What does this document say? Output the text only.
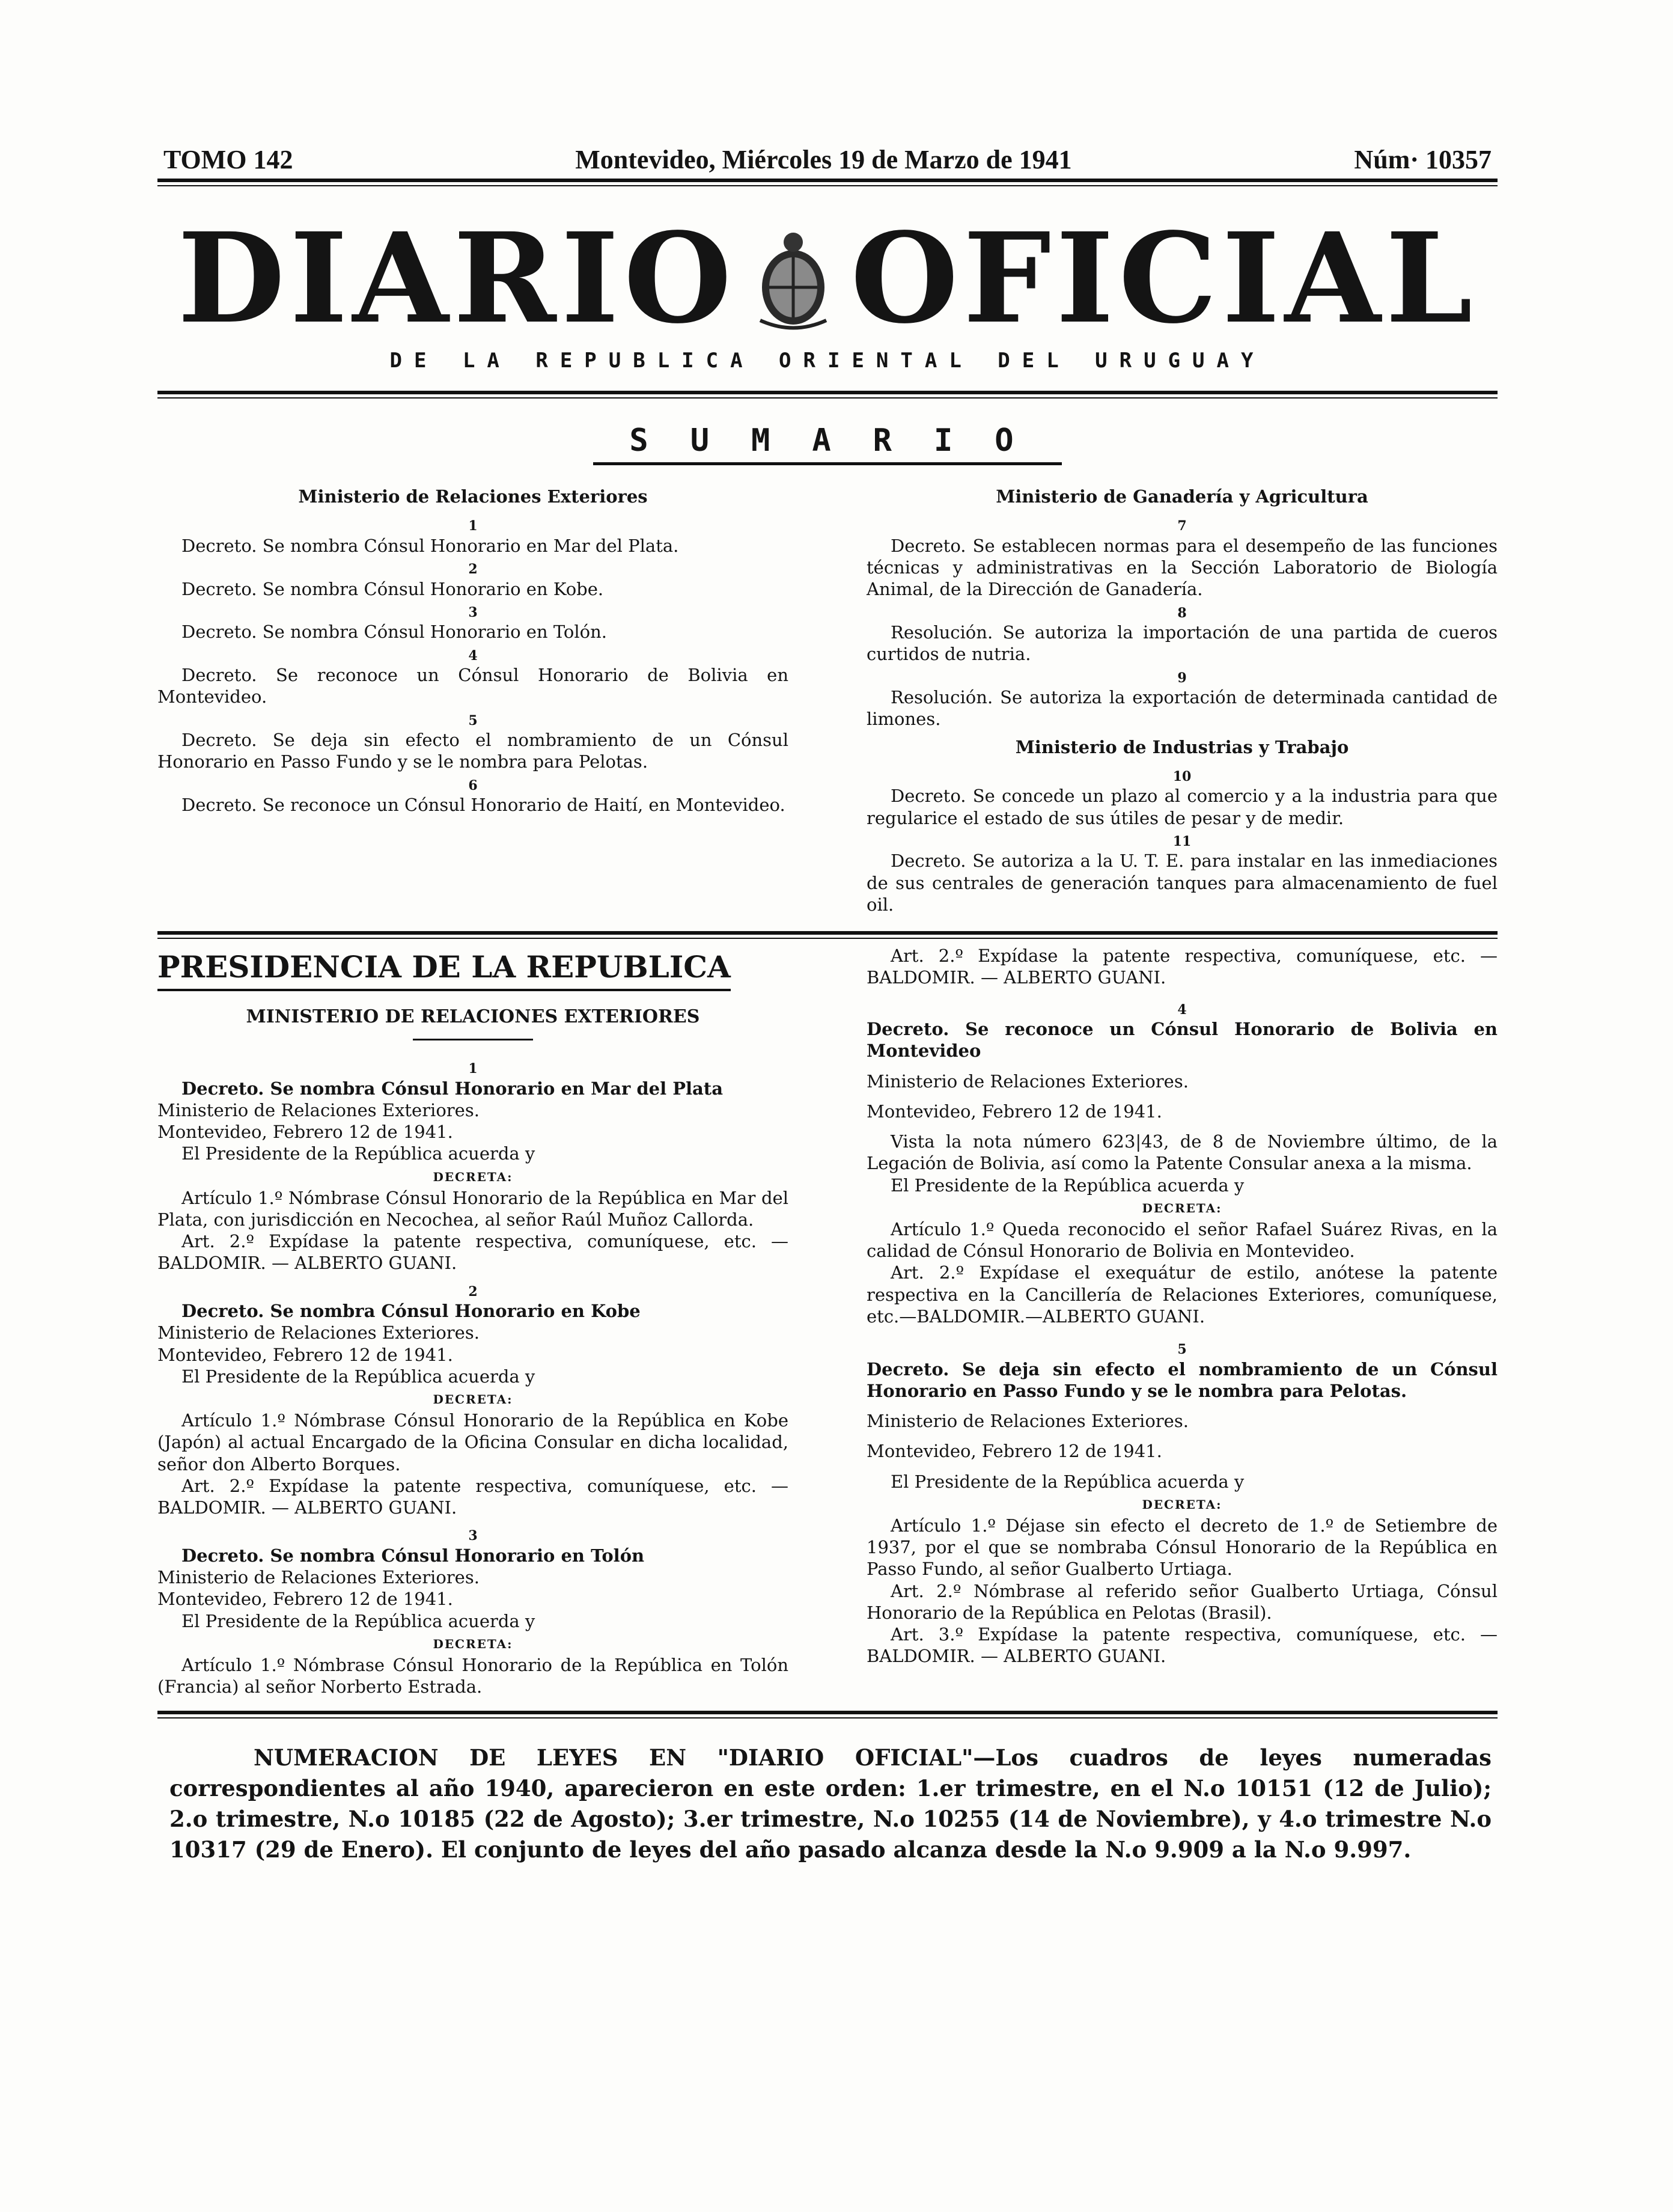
TOMO 142	Montevideo, Miércoles 19 de Marzo de 1941	Núm· 10357
DIARIO OFICIAL
DE LA REPUBLICA ORIENTAL DEL URUGUAY
SUMARIO
Ministerio de Relaciones Exteriores
1

Decreto. Se nombra Cónsul Honorario en Mar del Plata.

2

Decreto. Se nombra Cónsul Honorario en Kobe.

3

Decreto. Se nombra Cónsul Honorario en Tolón.

4

Decreto. Se reconoce un Cónsul Honorario de Bolivia en Montevideo.

5

Decreto. Se deja sin efecto el nombramiento de un Cónsul Honorario en Passo Fundo y se le nombra para Pelotas.

6

Decreto. Se reconoce un Cónsul Honorario de Haití, en Montevideo.

Ministerio de Ganadería y Agricultura
7

Decreto. Se establecen normas para el desempeño de las funciones técnicas y administrativas en la Sección Laboratorio de Biología Animal, de la Dirección de Ganadería.

8

Resolución. Se autoriza la importación de una partida de cueros curtidos de nutria.

9

Resolución. Se autoriza la exportación de determinada cantidad de limones.

Ministerio de Industrias y Trabajo
10

Decreto. Se concede un plazo al comercio y a la industria para que regularice el estado de sus útiles de pesar y de medir.

11

Decreto. Se autoriza a la U. T. E. para instalar en las inmediaciones de sus centrales de generación tanques para almacenamiento de fuel oil.

PRESIDENCIA DE LA REPUBLICA
MINISTERIO DE RELACIONES EXTERIORES
1

Decreto. Se nombra Cónsul Honorario en Mar del Plata

Ministerio de Relaciones Exteriores.

Montevideo, Febrero 12 de 1941.

El Presidente de la República acuerda y

DECRETA:

Artículo 1.º Nómbrase Cónsul Honorario de la República en Mar del Plata, con jurisdicción en Necochea, al señor Raúl Muñoz Callorda.

Art. 2.º Expídase la patente respectiva, comuníquese, etc. — BALDOMIR. — ALBERTO GUANI.

2

Decreto. Se nombra Cónsul Honorario en Kobe

Ministerio de Relaciones Exteriores.

Montevideo, Febrero 12 de 1941.

El Presidente de la República acuerda y

DECRETA:

Artículo 1.º Nómbrase Cónsul Honorario de la República en Kobe (Japón) al actual Encargado de la Oficina Consular en dicha localidad, señor don Alberto Borques.

Art. 2.º Expídase la patente respectiva, comuníquese, etc. — BALDOMIR. — ALBERTO GUANI.

3

Decreto. Se nombra Cónsul Honorario en Tolón

Ministerio de Relaciones Exteriores.

Montevideo, Febrero 12 de 1941.

El Presidente de la República acuerda y

DECRETA:

Artículo 1.º Nómbrase Cónsul Honorario de la República en Tolón (Francia) al señor Norberto Estrada.

Art. 2.º Expídase la patente respectiva, comuníquese, etc. — BALDOMIR. — ALBERTO GUANI.

4

Decreto. Se reconoce un Cónsul Honorario de Bolivia en Montevideo

Ministerio de Relaciones Exteriores.

Montevideo, Febrero 12 de 1941.

Vista la nota número 623|43, de 8 de Noviembre último, de la Legación de Bolivia, así como la Patente Consular anexa a la misma.

El Presidente de la República acuerda y

DECRETA:

Artículo 1.º Queda reconocido el señor Rafael Suárez Rivas, en la calidad de Cónsul Honorario de Bolivia en Montevideo.

Art. 2.º Expídase el exequátur de estilo, anótese la patente respectiva en la Cancillería de Relaciones Exteriores, comuníquese, etc.—BALDOMIR.—ALBERTO GUANI.

5

Decreto. Se deja sin efecto el nombramiento de un Cónsul Honorario en Passo Fundo y se le nombra para Pelotas.

Ministerio de Relaciones Exteriores.

Montevideo, Febrero 12 de 1941.

El Presidente de la República acuerda y

DECRETA:

Artículo 1.º Déjase sin efecto el decreto de 1.º de Setiembre de 1937, por el que se nombraba Cónsul Honorario de la República en Passo Fundo, al señor Gualberto Urtiaga.

Art. 2.º Nómbrase al referido señor Gualberto Urtiaga, Cónsul Honorario de la República en Pelotas (Brasil).

Art. 3.º Expídase la patente respectiva, comuníquese, etc. — BALDOMIR. — ALBERTO GUANI.

NUMERACION DE LEYES EN "DIARIO OFICIAL"—Los cuadros de leyes numeradas correspondientes al año 1940, aparecieron en este orden: 1.er trimestre, en el N.o 10151 (12 de Julio); 2.o trimestre, N.o 10185 (22 de Agosto); 3.er trimestre, N.o 10255 (14 de Noviembre), y 4.o trimestre N.o 10317 (29 de Enero). El conjunto de leyes del año pasado alcanza desde la N.o 9.909 a la N.o 9.997.
